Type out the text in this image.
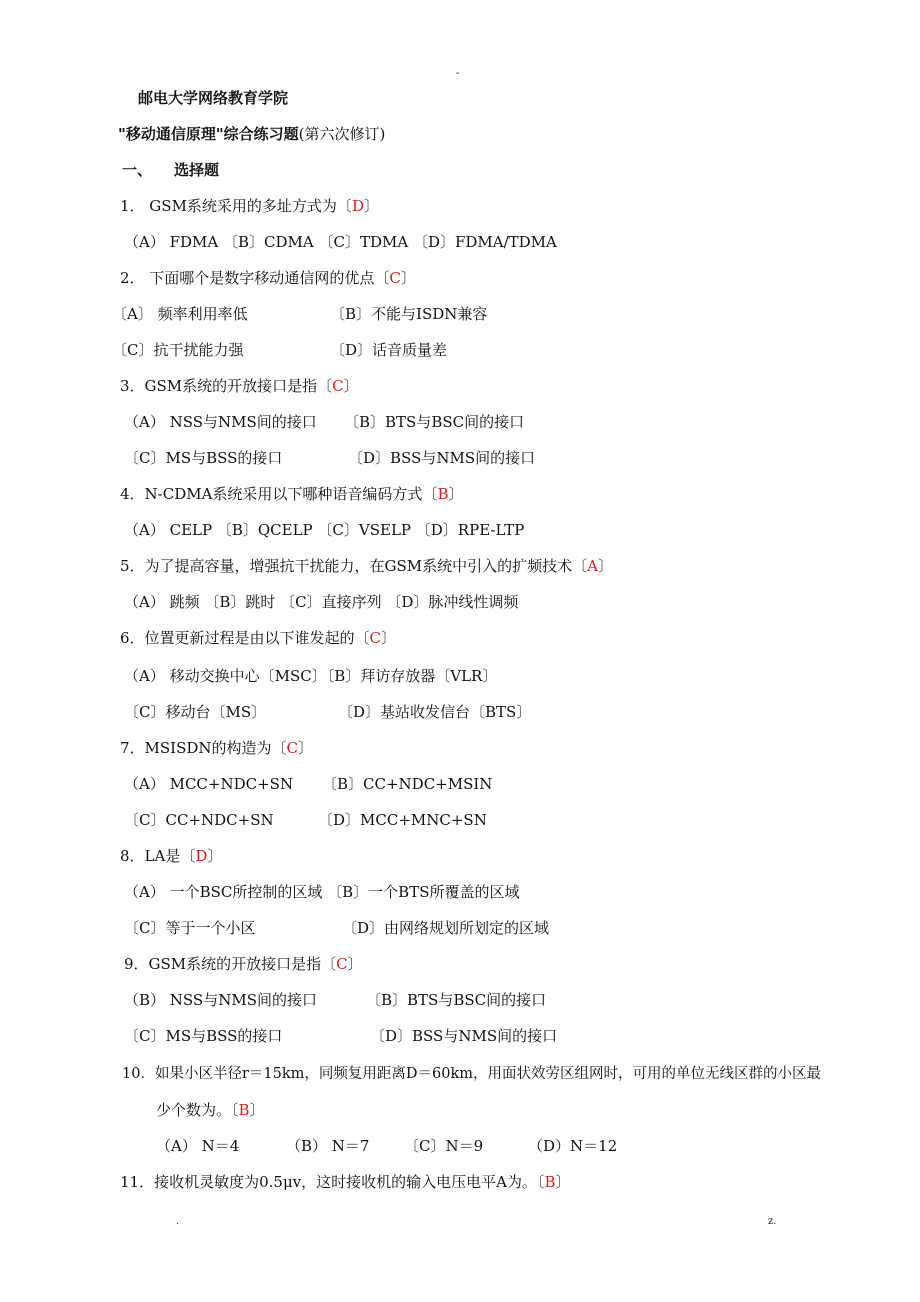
-
.	z.
邮电大学网络教育学院
"移动通信原理"综合练习题(第六次修订)
一、 选择题
1． GSM系统采用的多址方式为〔D〕
（A） FDMA 〔B〕CDMA 〔C〕TDMA 〔D〕FDMA/TDMA
2． 下面哪个是数字移动通信网的优点〔C〕
〔A〕 频率利用率低	〔B〕不能与ISDN兼容
〔C〕抗干扰能力强	〔D〕话音质量差
3．GSM系统的开放接口是指〔C〕
（A） NSS与NMS间的接口 〔B〕BTS与BSC间的接口
〔C〕MS与BSS的接口	〔D〕BSS与NMS间的接口
4．N-CDMA系统采用以下哪种语音编码方式〔B〕
（A） CELP 〔B〕QCELP 〔C〕VSELP 〔D〕RPE-LTP
5．为了提高容量，增强抗干扰能力，在GSM系统中引入的扩频技术〔A〕
（A） 跳频 〔B〕跳时 〔C〕直接序列 〔D〕脉冲线性调频
6．位置更新过程是由以下谁发起的〔C〕
（A） 移动交换中心〔MSC〕〔B〕拜访存放器〔VLR〕
〔C〕移动台〔MS〕	〔D〕基站收发信台〔BTS〕
7．MSISDN的构造为〔C〕
（A） MCC+NDC+SN 〔B〕CC+NDC+MSIN
〔C〕CC+NDC+SN	〔D〕MCC+MNC+SN
8．LA是〔D〕
（A） 一个BSC所控制的区域 〔B〕一个BTS所覆盖的区域
〔C〕等于一个小区	〔D〕由网络规划所划定的区域
9．GSM系统的开放接口是指〔C〕
（B） NSS与NMS间的接口	〔B〕BTS与BSC间的接口
〔C〕MS与BSS的接口	〔D〕BSS与NMS间的接口
10．如果小区半径r＝15km，同频复用距离D＝60km，用面状效劳区组网时，可用的单位无线区群的小区最
少个数为。〔B〕
（A） N＝4	（B） N＝7 〔C〕N＝9	（D）N＝12
11．接收机灵敏度为0.5μv，这时接收机的输入电压电平A为。〔B〕
